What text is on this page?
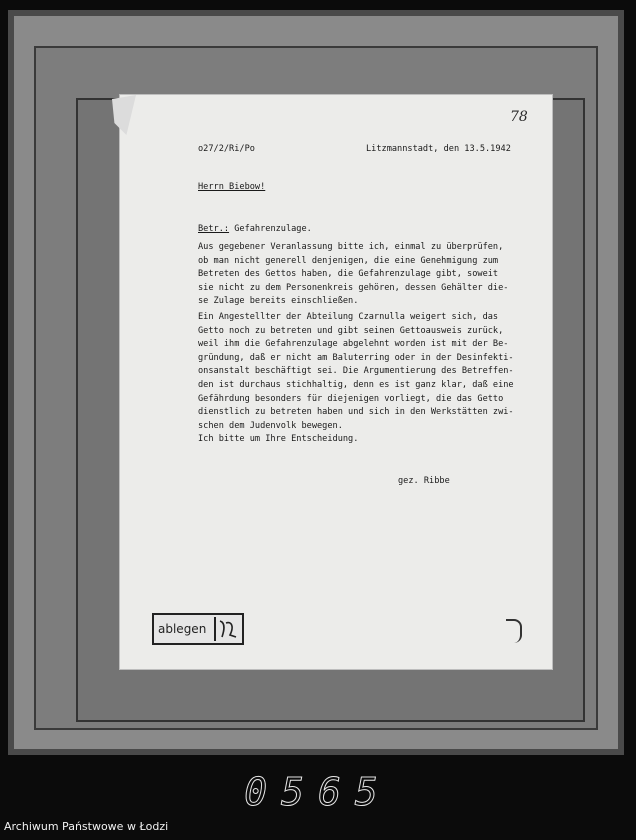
78
o27/2/Ri/Po	Litzmannstadt, den 13.5.1942
Herrn Biebow!
Betr.: Gefahrenzulage.
Aus gegebener Veranlassung bitte ich, einmal zu überprüfen,
ob man nicht generell denjenigen, die eine Genehmigung zum
Betreten des Gettos haben, die Gefahrenzulage gibt, soweit
sie nicht zu dem Personenkreis gehören, dessen Gehälter die-
se Zulage bereits einschließen.
Ein Angestellter der Abteilung Czarnulla weigert sich, das
Getto noch zu betreten und gibt seinen Gettoausweis zurück,
weil ihm die Gefahrenzulage abgelehnt worden ist mit der Be-
gründung, daß er nicht am Baluterring oder in der Desinfekti-
onsanstalt beschäftigt sei. Die Argumentierung des Betreffen-
den ist durchaus stichhaltig, denn es ist ganz klar, daß eine
Gefährdung besonders für diejenigen vorliegt, die das Getto
dienstlich zu betreten haben und sich in den Werkstätten zwi-
schen dem Judenvolk bewegen.
Ich bitte um Ihre Entscheidung.
gez. Ribbe
ablegen
0565
Archiwum Państwowe w Łodzi
